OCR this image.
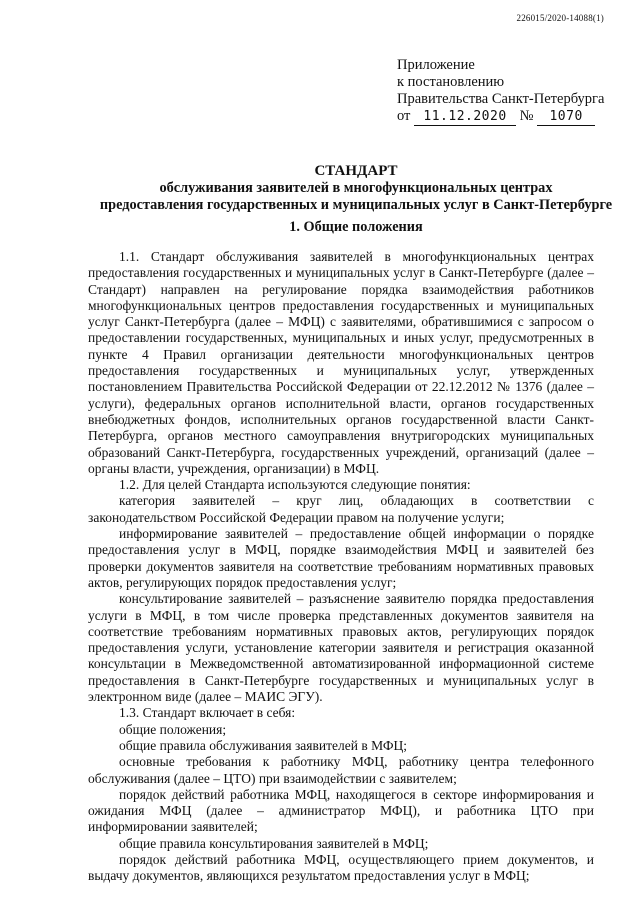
226015/2020-14088(1)
Приложение
к постановлению
Правительства Санкт-Петербурга
от 11.12.2020 № 1070
СТАНДАРТ
обслуживания заявителей в многофункциональных центрах
предоставления государственных и муниципальных услуг в Санкт-Петербурге
1. Общие положения

1.1. Стандарт обслуживания заявителей в многофункциональных центрах предоставления государственных и муниципальных услуг в Санкт-Петербурге (далее – Стандарт) направлен на регулирование порядка взаимодействия работников многофункциональных центров предоставления государственных и муниципальных услуг Санкт-Петербурга (далее – МФЦ) с заявителями, обратившимися с запросом о предоставлении государственных, муниципальных и иных услуг, предусмотренных в пункте 4 Правил организации деятельности многофункциональных центров предоставления государственных и муниципальных услуг, утвержденных постановлением Правительства Российской Федерации от 22.12.2012 № 1376 (далее – услуги), федеральных органов исполнительной власти, органов государственных внебюджетных фондов, исполнительных органов государственной власти Санкт-Петербурга, органов местного самоуправления внутригородских муниципальных образований Санкт-Петербурга, государственных учреждений, организаций (далее – органы власти, учреждения, организации) в МФЦ.

1.2. Для целей Стандарта используются следующие понятия:

категория заявителей – круг лиц, обладающих в соответствии с законодательством Российской Федерации правом на получение услуги;

информирование заявителей – предоставление общей информации о порядке предоставления услуг в МФЦ, порядке взаимодействия МФЦ и заявителей без проверки документов заявителя на соответствие требованиям нормативных правовых актов, регулирующих порядок предоставления услуг;

консультирование заявителей – разъяснение заявителю порядка предоставления услуги в МФЦ, в том числе проверка представленных документов заявителя на соответствие требованиям нормативных правовых актов, регулирующих порядок предоставления услуги, установление категории заявителя и регистрация оказанной консультации в Межведомственной автоматизированной информационной системе предоставления в Санкт-Петербурге государственных и муниципальных услуг в электронном виде (далее – МАИС ЭГУ).

1.3. Стандарт включает в себя:

общие положения;

общие правила обслуживания заявителей в МФЦ;

основные требования к работнику МФЦ, работнику центра телефонного обслуживания (далее – ЦТО) при взаимодействии с заявителем;

порядок действий работника МФЦ, находящегося в секторе информирования и ожидания МФЦ (далее – администратор МФЦ), и работника ЦТО при информировании заявителей;

общие правила консультирования заявителей в МФЦ;

порядок действий работника МФЦ, осуществляющего прием документов, и выдачу документов, являющихся результатом предоставления услуг в МФЦ;
